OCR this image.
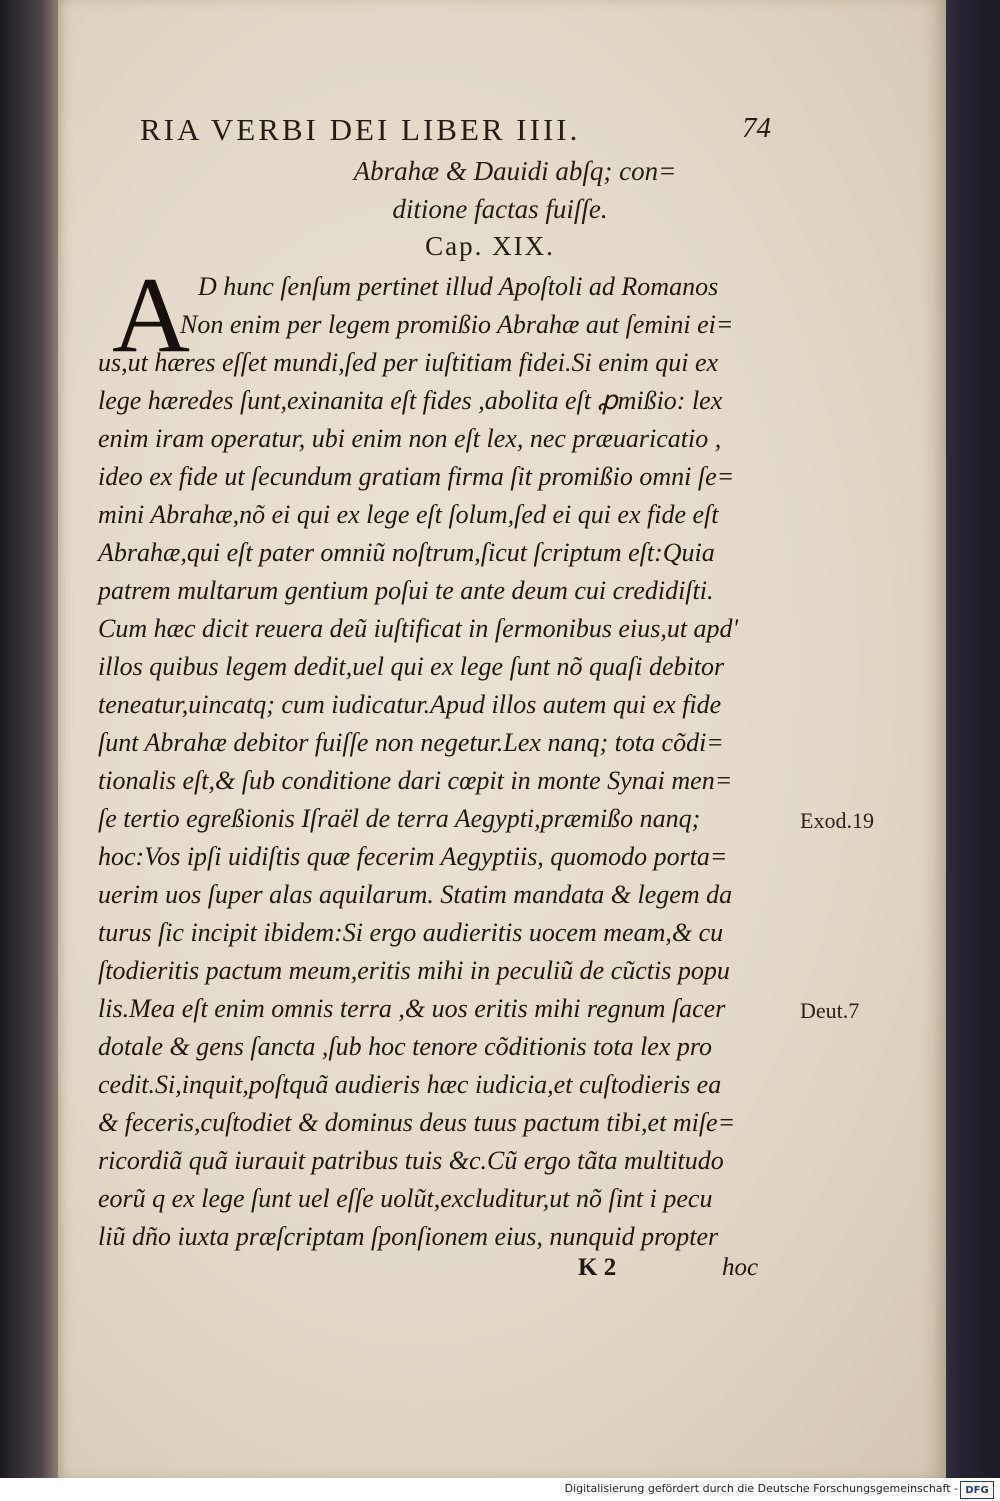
RIA VERBI DEI LIBER IIII.	74
Abrahæ & Dauidi abſq; con=
ditione factas fuiſſe.
Cap. XIX.
A D hunc ſenſum pertinet illud Apoſtoli ad Romanos
Non enim per legem promißio Abrahæ aut ſemini ei=
us,ut hæres eſſet mundi,ſed per iuſtitiam fidei.Si enim qui ex
lege hæredes ſunt,exinanita eſt fides ,abolita eſt ꝓmißio: lex
enim iram operatur, ubi enim non eſt lex, nec præuaricatio ,
ideo ex fide ut ſecundum gratiam firma ſit promißio omni ſe=
mini Abrahæ,nõ ei qui ex lege eſt ſolum,ſed ei qui ex fide eſt
Abrahæ,qui eſt pater omniũ noſtrum,ſicut ſcriptum eſt:Quia
patrem multarum gentium poſui te ante deum cui credidiſti.
Cum hæc dicit reuera deũ iuſtificat in ſermonibus eius,ut apd'
illos quibus legem dedit,uel qui ex lege ſunt nõ quaſi debitor
teneatur,uincatq; cum iudicatur.Apud illos autem qui ex fide
ſunt Abrahæ debitor fuiſſe non negetur.Lex nanq; tota cõdi=
tionalis eſt,& ſub conditione dari cœpit in monte Synai men=
ſe tertio egreßionis Iſraël de terra Aegypti,præmißo nanq;
hoc:Vos ipſi uidiſtis quæ fecerim Aegyptiis, quomodo porta=
uerim uos ſuper alas aquilarum. Statim mandata & legem da
turus ſic incipit ibidem:Si ergo audieritis uocem meam,& cu
ſtodieritis pactum meum,eritis mihi in peculiũ de cũctis popu
lis.Mea eſt enim omnis terra ,& uos eritis mihi regnum ſacer
dotale & gens ſancta ,ſub hoc tenore cõditionis tota lex pro
cedit.Si,inquit,poſtquã audieris hæc iudicia,et cuſtodieris ea
& feceris,cuſtodiet & dominus deus tuus pactum tibi,et miſe=
ricordiã quã iurauit patribus tuis &c.Cũ ergo tãta multitudo
eorũ q ex lege ſunt uel eſſe uolũt,excluditur,ut nõ ſint i pecu
liũ dño iuxta præſcriptam ſponſionem eius, nunquid propter
Exod.19
Deut.7
K 2	hoc
Digitalisierung gefördert durch die Deutsche Forschungsgemeinschaft - DFG
